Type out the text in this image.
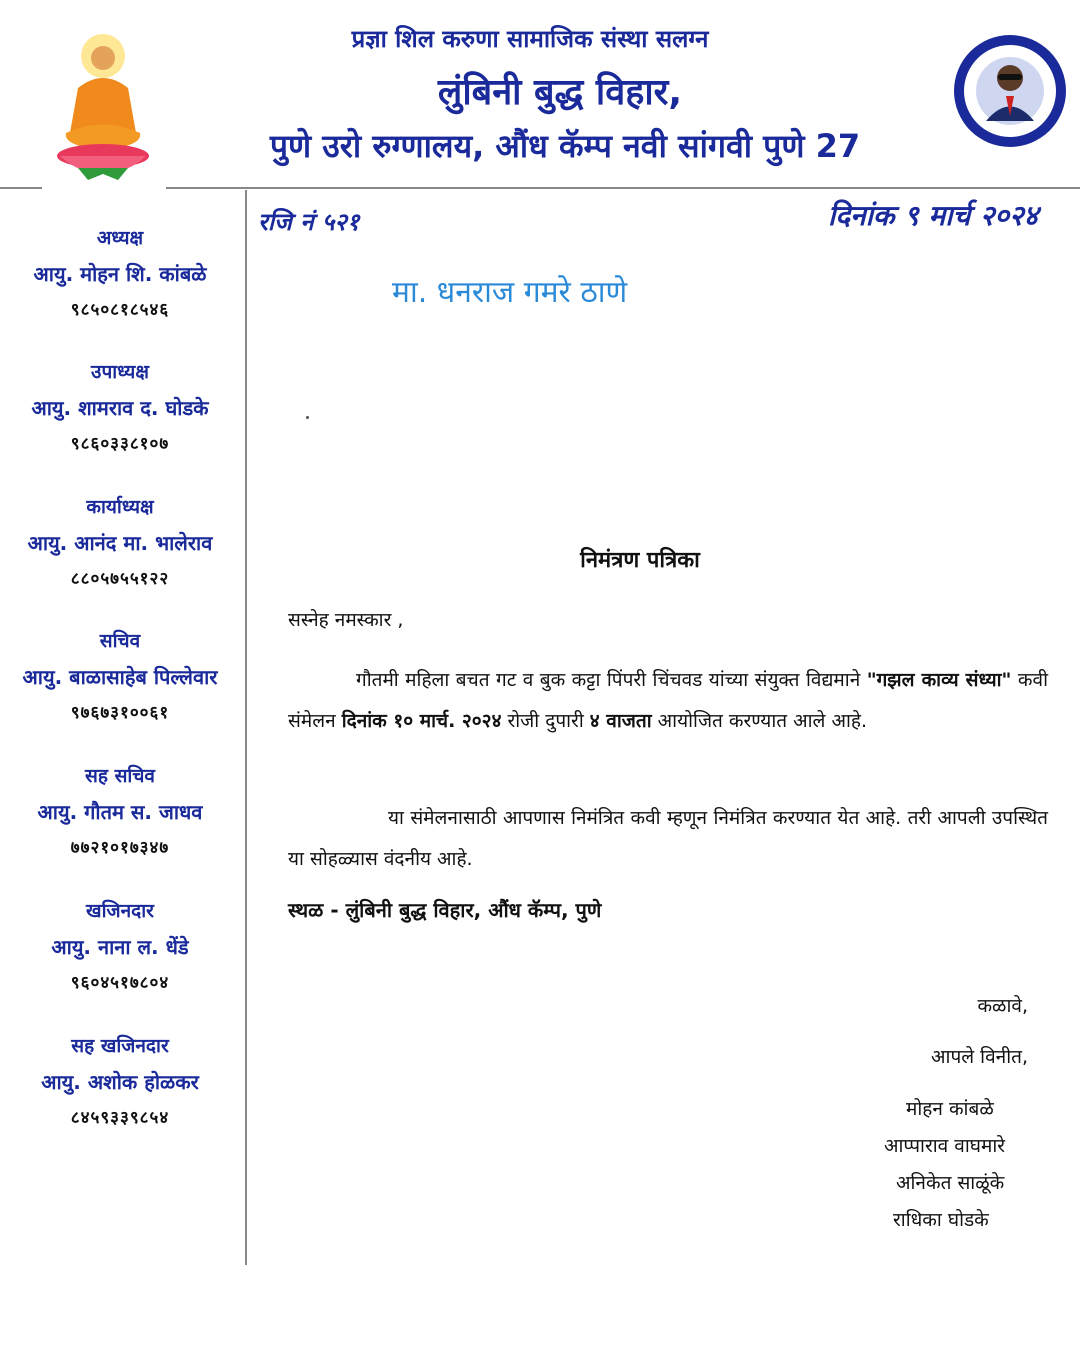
प्रज्ञा शिल करुणा सामाजिक संस्था सलग्न
लुंबिनी बुद्ध विहार,
पुणे उरो रुग्णालय, औंध कॅम्प नवी सांगवी पुणे 27
अध्यक्ष
आयु. मोहन शि. कांबळे
९८५०८१८५४६
उपाध्यक्ष
आयु. शामराव द. घोडके
९८६०३३८१०७
कार्याध्यक्ष
आयु. आनंद मा. भालेराव
८८०५७५५१२२
सचिव
आयु. बाळासाहेब पिल्लेवार
९७६७३१००६१
सह सचिव
आयु. गौतम स. जाधव
७७२१०१७३४७
खजिनदार
आयु. नाना ल. धेंडे
९६०४५१७८०४
सह खजिनदार
आयु. अशोक होळकर
८४५९३३९८५४
रजि नं ५२१	दिनांक ९ मार्च २०२४
मा. धनराज गमरे ठाणे
निमंत्रण पत्रिका
सस्नेह नमस्कार ,
गौतमी महिला बचत गट व बुक कट्टा पिंपरी चिंचवड यांच्या संयुक्त विद्यमाने "गझल काव्य संध्या" कवी संमेलन दिनांक १० मार्च. २०२४ रोजी दुपारी ४ वाजता आयोजित करण्यात आले आहे.
या संमेलनासाठी आपणास निमंत्रित कवी म्हणून निमंत्रित करण्यात येत आहे. तरी आपली उपस्थित या सोहळ्यास वंदनीय आहे.
स्थळ - लुंबिनी बुद्ध विहार, औंध कॅम्प, पुणे
कळावे,
आपले विनीत,
मोहन कांबळे
आप्पाराव वाघमारे
अनिकेत साळूंके
राधिका घोडके
